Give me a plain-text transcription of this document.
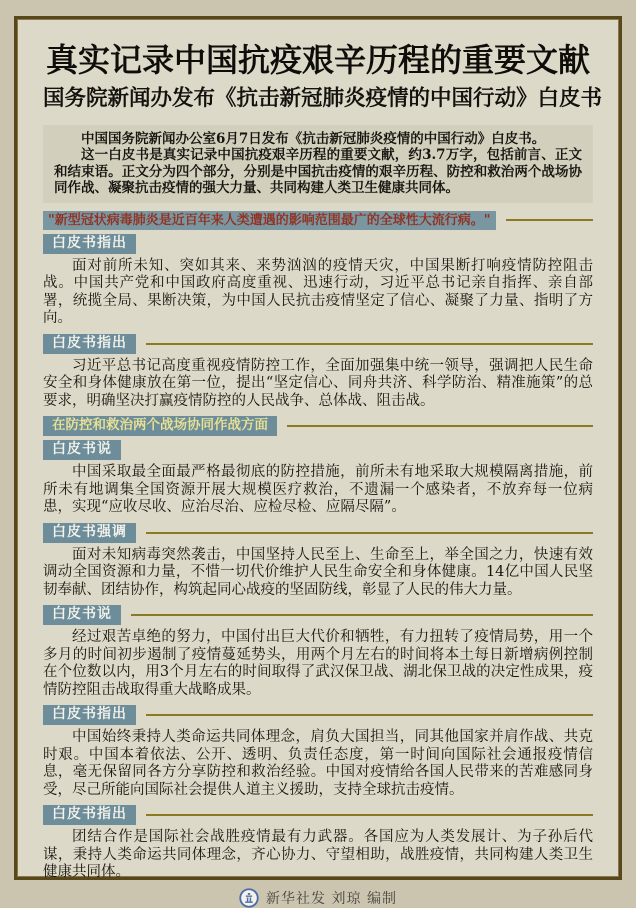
真实记录中国抗疫艰辛历程的重要文献
国务院新闻办发布《抗击新冠肺炎疫情的中国行动》白皮书

中国国务院新闻办公室6月7日发布《抗击新冠肺炎疫情的中国行动》白皮书。

这一白皮书是真实记录中国抗疫艰辛历程的重要文献，约3.7万字，包括前言、正文和结束语。正文分为四个部分，分别是中国抗击疫情的艰辛历程、防控和救治两个战场协同作战、凝聚抗击疫情的强大力量、共同构建人类卫生健康共同体。

"新型冠状病毒肺炎是近百年来人类遭遇的影响范围最广的全球性大流行病。"
白皮书指出

面对前所未知、突如其来、来势汹汹的疫情天灾，中国果断打响疫情防控阻击战。中国共产党和中国政府高度重视、迅速行动，习近平总书记亲自指挥、亲自部署，统揽全局、果断决策，为中国人民抗击疫情坚定了信心、凝聚了力量、指明了方向。

白皮书指出

习近平总书记高度重视疫情防控工作，全面加强集中统一领导，强调把人民生命安全和身体健康放在第一位，提出“坚定信心、同舟共济、科学防治、精准施策”的总要求，明确坚决打赢疫情防控的人民战争、总体战、阻击战。

在防控和救治两个战场协同作战方面
白皮书说

中国采取最全面最严格最彻底的防控措施，前所未有地采取大规模隔离措施，前所未有地调集全国资源开展大规模医疗救治，不遗漏一个感染者，不放弃每一位病患，实现“应收尽收、应治尽治、应检尽检、应隔尽隔”。

白皮书强调

面对未知病毒突然袭击，中国坚持人民至上、生命至上，举全国之力，快速有效调动全国资源和力量，不惜一切代价维护人民生命安全和身体健康。14亿中国人民坚韧奉献、团结协作，构筑起同心战疫的坚固防线，彰显了人民的伟大力量。

白皮书说

经过艰苦卓绝的努力，中国付出巨大代价和牺牲，有力扭转了疫情局势，用一个多月的时间初步遏制了疫情蔓延势头，用两个月左右的时间将本土每日新增病例控制在个位数以内，用3个月左右的时间取得了武汉保卫战、湖北保卫战的决定性成果，疫情防控阻击战取得重大战略成果。

白皮书指出

中国始终秉持人类命运共同体理念，肩负大国担当，同其他国家并肩作战、共克时艰。中国本着依法、公开、透明、负责任态度，第一时间向国际社会通报疫情信息，毫无保留同各方分享防控和救治经验。中国对疫情给各国人民带来的苦难感同身受，尽己所能向国际社会提供人道主义援助，支持全球抗击疫情。

白皮书指出

团结合作是国际社会战胜疫情最有力武器。各国应为人类发展计、为子孙后代谋，秉持人类命运共同体理念，齐心协力、守望相助，战胜疫情，共同构建人类卫生健康共同体。

新华社发 刘琼 编制
